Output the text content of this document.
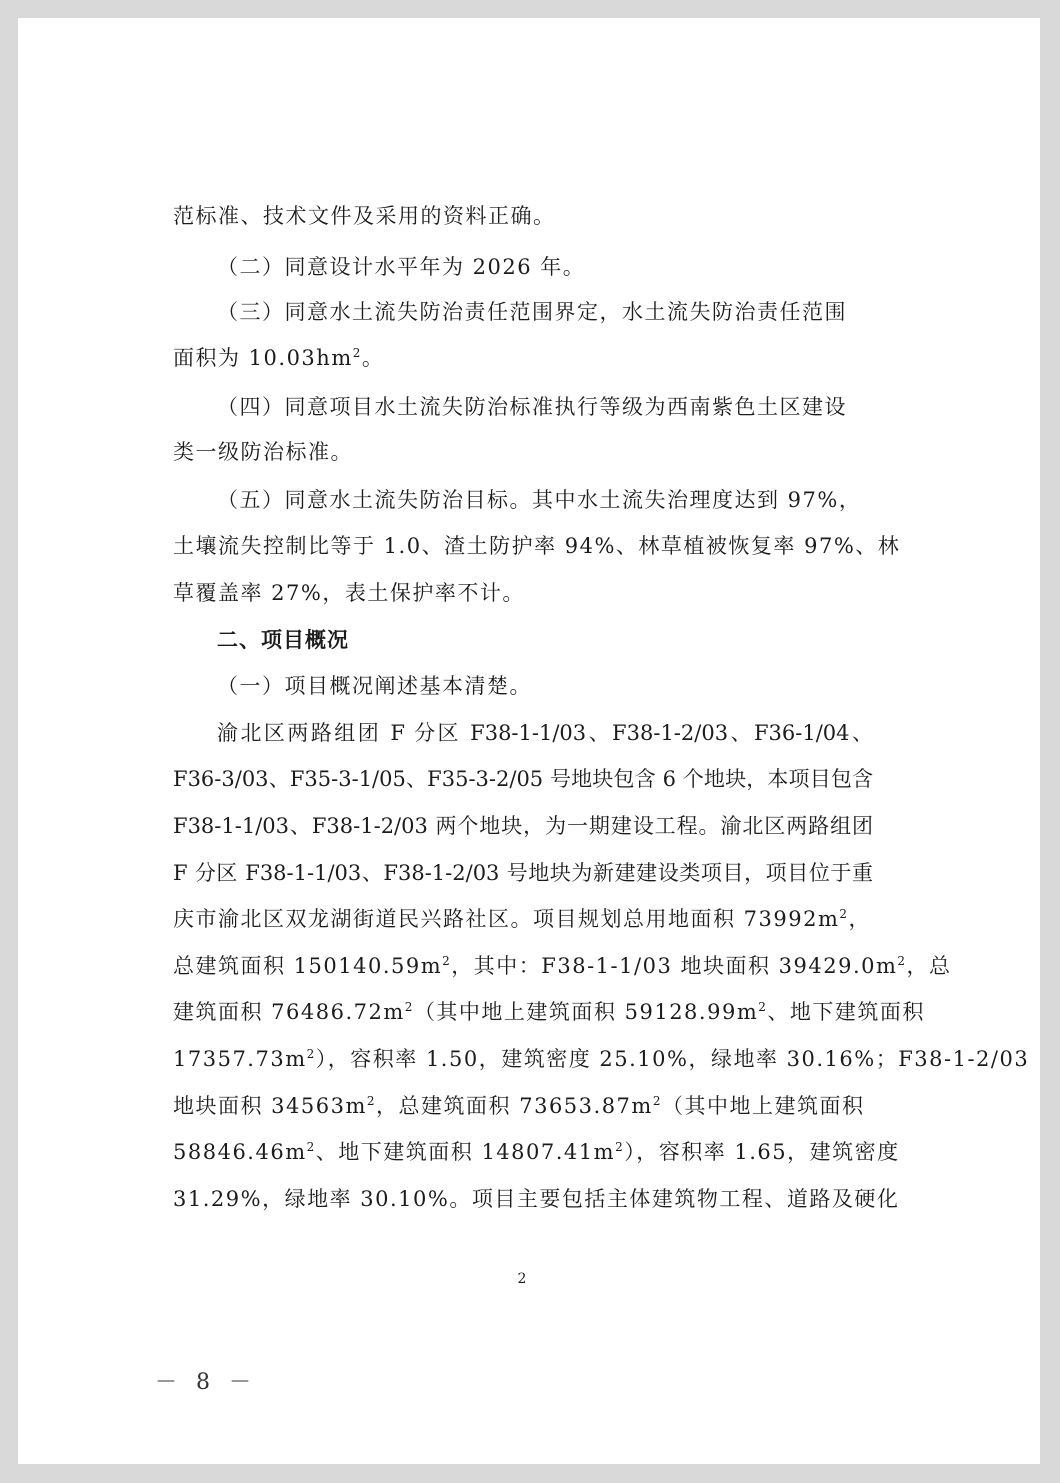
范标准、技术文件及采用的资料正确。
（二）同意设计水平年为 2026 年。
（三）同意水土流失防治责任范围界定，水土流失防治责任范围
面积为 $10.03hm^2$。
（四）同意项目水土流失防治标准执行等级为西南紫色土区建设
类一级防治标准。
（五）同意水土流失防治目标。其中水土流失治理度达到 97%，
土壤流失控制比等于 1.0、渣土防护率 94%、林草植被恢复率 97%、林
草覆盖率 27%，表土保护率不计。
二、项目概况
（一）项目概况阐述基本清楚。
渝北区两路组团 F 分区 F38-1-1/03、F38-1-2/03、F36-1/04、
F36-3/03、F35-3-1/05、F35-3-2/05 号地块包含 6 个地块，本项目包含
F38-1-1/03、F38-1-2/03 两个地块，为一期建设工程。渝北区两路组团
F 分区 F38-1-1/03、F38-1-2/03 号地块为新建建设类项目，项目位于重
庆市渝北区双龙湖街道民兴路社区。项目规划总用地面积 $73992m^2$，
总建筑面积 $150140.59m^2$，其中：F38-1-1/03 地块面积 $39429.0m^2$，总
建筑面积 $76486.72m^2$（其中地上建筑面积 $59128.99m^2$、地下建筑面积
$17357.73m^2$），容积率 1.50，建筑密度 25.10%，绿地率 30.16%；F38-1-2/03
地块面积 $34563m^2$，总建筑面积 $73653.87m^2$（其中地上建筑面积
$58846.46m^2$、地下建筑面积 $14807.41m^2$），容积率 1.65，建筑密度
31.29%，绿地率 30.10%。项目主要包括主体建筑物工程、道路及硬化
2
－ 8 －
